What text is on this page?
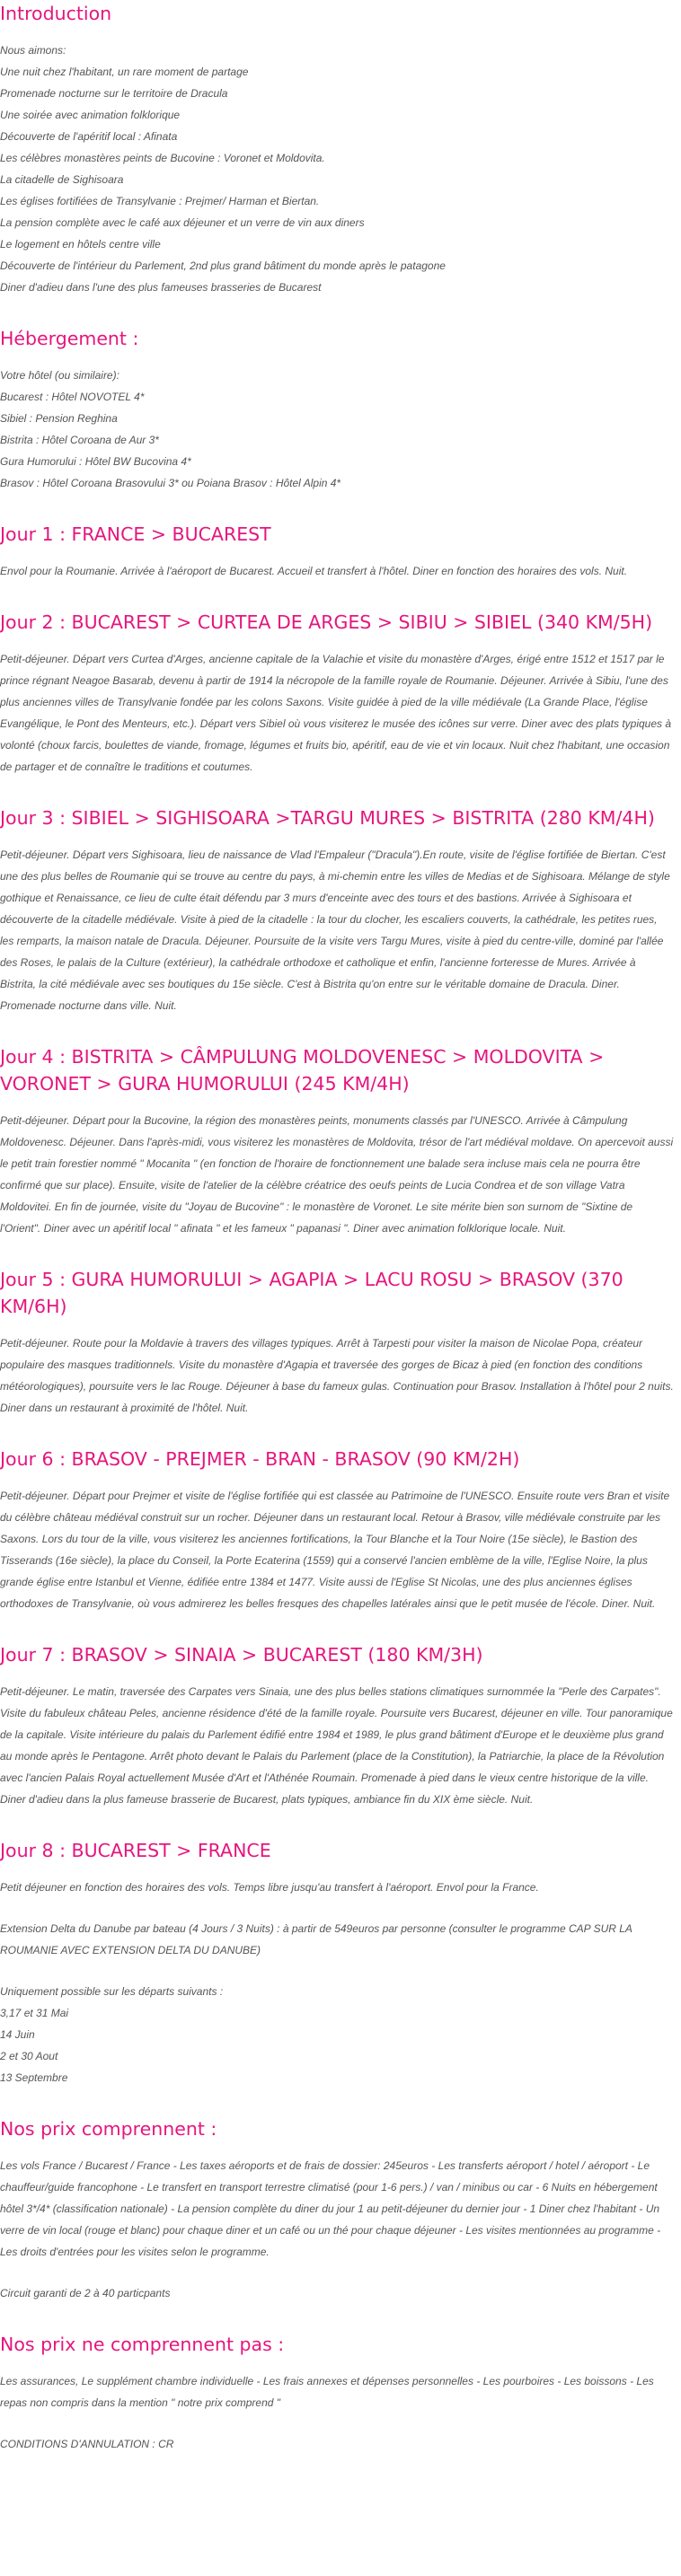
Introduction
Nous aimons:
Une nuit chez l'habitant, un rare moment de partage
Promenade nocturne sur le territoire de Dracula
Une soirée avec animation folklorique
Découverte de l'apéritif local : Afinata
Les célèbres monastères peints de Bucovine : Voronet et Moldovita.
La citadelle de Sighisoara
Les églises fortifiées de Transylvanie : Prejmer/ Harman et Biertan.
La pension complète avec le café aux déjeuner et un verre de vin aux diners
Le logement en hôtels centre ville
Découverte de l'intérieur du Parlement, 2nd plus grand bâtiment du monde après le patagone
Diner d'adieu dans l'une des plus fameuses brasseries de Bucarest
Hébergement :
Votre hôtel (ou similaire):
Bucarest : Hôtel NOVOTEL 4*
Sibiel : Pension Reghina
Bistrita : Hôtel Coroana de Aur 3*
Gura Humorului : Hôtel BW Bucovina 4*
Brasov : Hôtel Coroana Brasovului 3* ou Poiana Brasov : Hôtel Alpin 4*
Jour 1 : FRANCE > BUCAREST

Envol pour la Roumanie. Arrivée à l'aéroport de Bucarest. Accueil et transfert à l'hôtel. Diner en fonction des horaires des vols. Nuit.

Jour 2 : BUCAREST > CURTEA DE ARGES > SIBIU > SIBIEL (340 KM/5H)

Petit-déjeuner. Départ vers Curtea d'Arges, ancienne capitale de la Valachie et visite du monastère d'Arges, érigé entre 1512 et 1517 par le prince régnant Neagoe Basarab, devenu à partir de 1914 la nécropole de la famille royale de Roumanie. Déjeuner. Arrivée à Sibiu, l'une des plus anciennes villes de Transylvanie fondée par les colons Saxons. Visite guidée à pied de la ville médiévale (La Grande Place, l'église Evangélique, le Pont des Menteurs, etc.). Départ vers Sibiel où vous visiterez le musée des icônes sur verre. Diner avec des plats typiques à volonté (choux farcis, boulettes de viande, fromage, légumes et fruits bio, apéritif, eau de vie et vin locaux. Nuit chez l'habitant, une occasion de partager et de connaître le traditions et coutumes.

Jour 3 : SIBIEL > SIGHISOARA >TARGU MURES > BISTRITA (280 KM/4H)

Petit-déjeuner. Départ vers Sighisoara, lieu de naissance de Vlad l'Empaleur ("Dracula").En route, visite de l'église fortifiée de Biertan. C'est une des plus belles de Roumanie qui se trouve au centre du pays, à mi-chemin entre les villes de Medias et de Sighisoara. Mélange de style gothique et Renaissance, ce lieu de culte était défendu par 3 murs d'enceinte avec des tours et des bastions. Arrivée à Sighisoara et découverte de la citadelle médiévale. Visite à pied de la citadelle : la tour du clocher, les escaliers couverts, la cathédrale, les petites rues, les remparts, la maison natale de Dracula. Déjeuner. Poursuite de la visite vers Targu Mures, visite à pied du centre-ville, dominé par l'allée des Roses, le palais de la Culture (extérieur), la cathédrale orthodoxe et catholique et enfin, l'ancienne forteresse de Mures. Arrivée à Bistrita, la cité médiévale avec ses boutiques du 15e siècle. C'est à Bistrita qu'on entre sur le véritable domaine de Dracula. Diner. Promenade nocturne dans ville. Nuit.

Jour 4 : BISTRITA > CÂMPULUNG MOLDOVENESC > MOLDOVITA > VORONET > GURA HUMORULUI (245 KM/4H)

Petit-déjeuner. Départ pour la Bucovine, la région des monastères peints, monuments classés par l'UNESCO. Arrivée à Câmpulung Moldovenesc. Déjeuner. Dans l'après-midi, vous visiterez les monastères de Moldovita, trésor de l'art médiéval moldave. On apercevoit aussi le petit train forestier nommé " Mocanita " (en fonction de l'horaire de fonctionnement une balade sera incluse mais cela ne pourra être confirmé que sur place). Ensuite, visite de l'atelier de la célèbre créatrice des oeufs peints de Lucia Condrea et de son village Vatra Moldovitei. En fin de journée, visite du "Joyau de Bucovine" : le monastère de Voronet. Le site mérite bien son surnom de "Sixtine de l'Orient". Diner avec un apéritif local " afinata " et les fameux " papanasi ". Diner avec animation folklorique locale. Nuit.

Jour 5 : GURA HUMORULUI > AGAPIA > LACU ROSU > BRASOV (370 KM/6H)

Petit-déjeuner. Route pour la Moldavie à travers des villages typiques. Arrêt à Tarpesti pour visiter la maison de Nicolae Popa, créateur populaire des masques traditionnels. Visite du monastère d'Agapia et traversée des gorges de Bicaz à pied (en fonction des conditions météorologiques), poursuite vers le lac Rouge. Déjeuner à base du fameux gulas. Continuation pour Brasov. Installation à l'hôtel pour 2 nuits. Diner dans un restaurant à proximité de l'hôtel. Nuit.

Jour 6 : BRASOV - PREJMER - BRAN - BRASOV (90 KM/2H)

Petit-déjeuner. Départ pour Prejmer et visite de l'église fortifiée qui est classée au Patrimoine de l'UNESCO. Ensuite route vers Bran et visite du célèbre château médiéval construit sur un rocher. Déjeuner dans un restaurant local. Retour à Brasov, ville médiévale construite par les Saxons. Lors du tour de la ville, vous visiterez les anciennes fortifications, la Tour Blanche et la Tour Noire (15e siècle), le Bastion des Tisserands (16e siècle), la place du Conseil, la Porte Ecaterina (1559) qui a conservé l'ancien emblème de la ville, l'Eglise Noire, la plus grande église entre Istanbul et Vienne, édifiée entre 1384 et 1477. Visite aussi de l'Eglise St Nicolas, une des plus anciennes églises orthodoxes de Transylvanie, où vous admirerez les belles fresques des chapelles latérales ainsi que le petit musée de l'école. Diner. Nuit.

Jour 7 : BRASOV > SINAIA > BUCAREST (180 KM/3H)

Petit-déjeuner. Le matin, traversée des Carpates vers Sinaia, une des plus belles stations climatiques surnommée la "Perle des Carpates". Visite du fabuleux château Peles, ancienne résidence d'été de la famille royale. Poursuite vers Bucarest, déjeuner en ville. Tour panoramique de la capitale. Visite intérieure du palais du Parlement édifié entre 1984 et 1989, le plus grand bâtiment d'Europe et le deuxième plus grand au monde après le Pentagone. Arrêt photo devant le Palais du Parlement (place de la Constitution), la Patriarchie, la place de la Révolution avec l'ancien Palais Royal actuellement Musée d'Art et l'Athénée Roumain. Promenade à pied dans le vieux centre historique de la ville. Diner d'adieu dans la plus fameuse brasserie de Bucarest, plats typiques, ambiance fin du XIX ème siècle. Nuit.

Jour 8 : BUCAREST > FRANCE

Petit déjeuner en fonction des horaires des vols. Temps libre jusqu'au transfert à l'aéroport. Envol pour la France.

Extension Delta du Danube par bateau (4 Jours / 3 Nuits) : à partir de 549euros par personne (consulter le programme CAP SUR LA ROUMANIE AVEC EXTENSION DELTA DU DANUBE)

Uniquement possible sur les départs suivants :
3,17 et 31 Mai
14 Juin
2 et 30 Aout
13 Septembre
Nos prix comprennent :

Les vols France / Bucarest / France - Les taxes aéroports et de frais de dossier: 245euros - Les transferts aéroport / hotel / aéroport - Le chauffeur/guide francophone - Le transfert en transport terrestre climatisé (pour 1-6 pers.) / van / minibus ou car - 6 Nuits en hébergement hôtel 3*/4* (classification nationale) - La pension complète du diner du jour 1 au petit-déjeuner du dernier jour - 1 Diner chez l'habitant - Un verre de vin local (rouge et blanc) pour chaque diner et un café ou un thé pour chaque déjeuner - Les visites mentionnées au programme - Les droits d'entrées pour les visites selon le programme.

Circuit garanti de 2 à 40 particpants

Nos prix ne comprennent pas :

Les assurances, Le supplément chambre individuelle - Les frais annexes et dépenses personnelles - Les pourboires - Les boissons - Les repas non compris dans la mention " notre prix comprend "

CONDITIONS D'ANNULATION : CR
